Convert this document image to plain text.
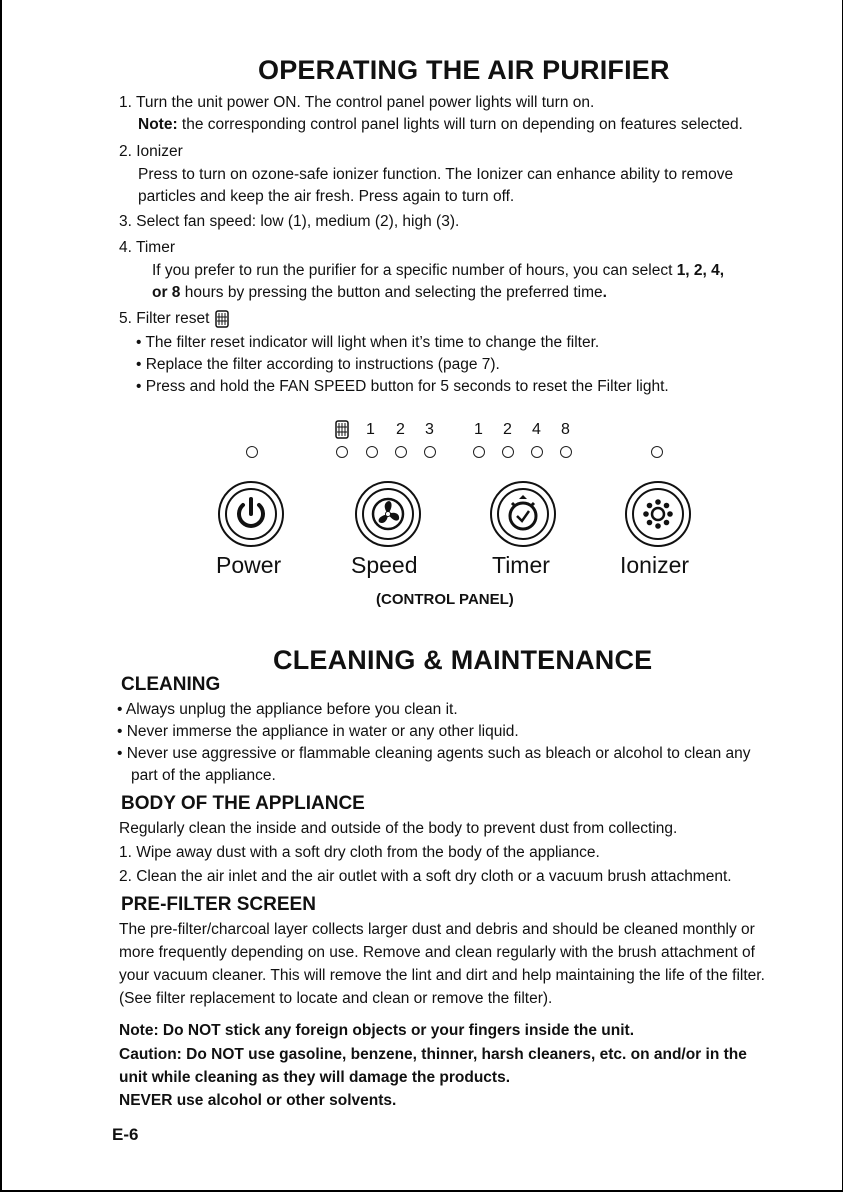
OPERATING THE AIR PURIFIER
1. Turn the unit power ON. The control panel power lights will turn on.
Note: the corresponding control panel lights will turn on depending on features selected.
2. Ionizer
Press to turn on ozone-safe ionizer function. The Ionizer can enhance ability to remove
particles and keep the air fresh. Press again to turn off.
3. Select fan speed: low (1), medium (2), high (3).
4. Timer
If you prefer to run the purifier for a specific number of hours, you can select 1, 2, 4,
or 8 hours by pressing the button and selecting the preferred time.
5. Filter reset
• The filter reset indicator will light when it’s time to change the filter.
• Replace the filter according to instructions (page 7).
• Press and hold the FAN SPEED button for 5 seconds to reset the Filter light.
1 2 3	1 2 4 8
Power	Speed	Timer	Ionizer
(CONTROL PANEL)
CLEANING & MAINTENANCE
CLEANING
• Always unplug the appliance before you clean it.
• Never immerse the appliance in water or any other liquid.
• Never use aggressive or flammable cleaning agents such as bleach or alcohol to clean any
part of the appliance.
BODY OF THE APPLIANCE
Regularly clean the inside and outside of the body to prevent dust from collecting.
1. Wipe away dust with a soft dry cloth from the body of the appliance.
2. Clean the air inlet and the air outlet with a soft dry cloth or a vacuum brush attachment.
PRE-FILTER SCREEN
The pre-filter/charcoal layer collects larger dust and debris and should be cleaned monthly or
more frequently depending on use. Remove and clean regularly with the brush attachment of
your vacuum cleaner. This will remove the lint and dirt and help maintaining the life of the filter.
(See filter replacement to locate and clean or remove the filter).
Note: Do NOT stick any foreign objects or your fingers inside the unit.
Caution: Do NOT use gasoline, benzene, thinner, harsh cleaners, etc. on and/or in the
unit while cleaning as they will damage the products.
NEVER use alcohol or other solvents.
E-6
